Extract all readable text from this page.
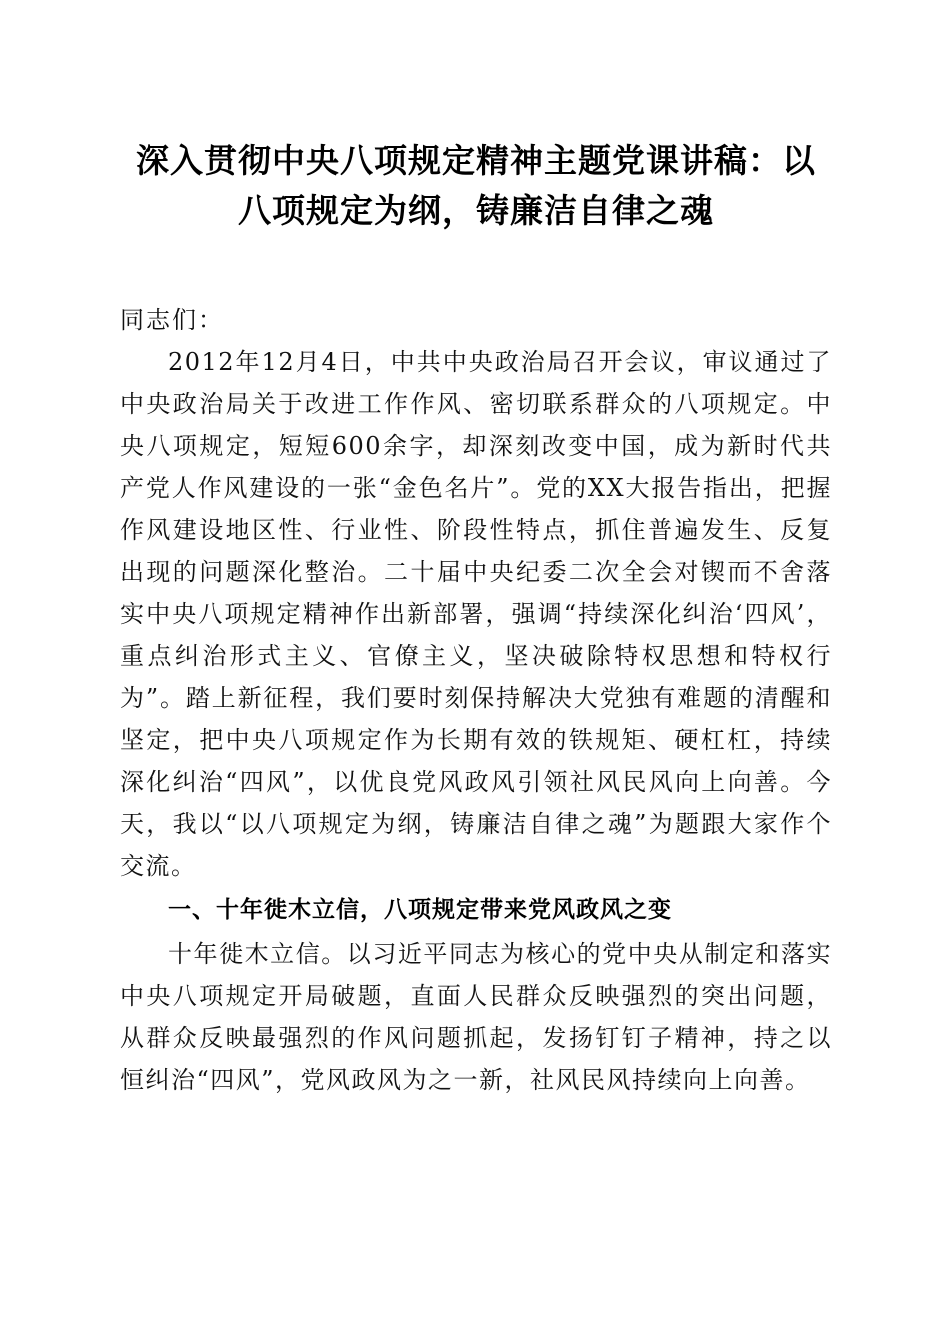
深入贯彻中央八项规定精神主题党课讲稿：以
八项规定为纲，铸廉洁自律之魂

同志们：

2012年12月4日，中共中央政治局召开会议，审议通过了中央政治局关于改进工作作风、密切联系群众的八项规定。中央八项规定，短短600余字，却深刻改变中国，成为新时代共产党人作风建设的一张“金色名片”。党的XX大报告指出，把握作风建设地区性、行业性、阶段性特点，抓住普遍发生、反复出现的问题深化整治。二十届中央纪委二次全会对锲而不舍落实中央八项规定精神作出新部署，强调“持续深化纠治‘四风’，重点纠治形式主义、官僚主义，坚决破除特权思想和特权行为”。踏上新征程，我们要时刻保持解决大党独有难题的清醒和坚定，把中央八项规定作为长期有效的铁规矩、硬杠杠，持续深化纠治“四风”，以优良党风政风引领社风民风向上向善。今天，我以“以八项规定为纲，铸廉洁自律之魂”为题跟大家作个交流。

一、十年徙木立信，八项规定带来党风政风之变

十年徙木立信。以习近平同志为核心的党中央从制定和落实中央八项规定开局破题，直面人民群众反映强烈的突出问题，从群众反映最强烈的作风问题抓起，发扬钉钉子精神，持之以恒纠治“四风”，党风政风为之一新，社风民风持续向上向善。
